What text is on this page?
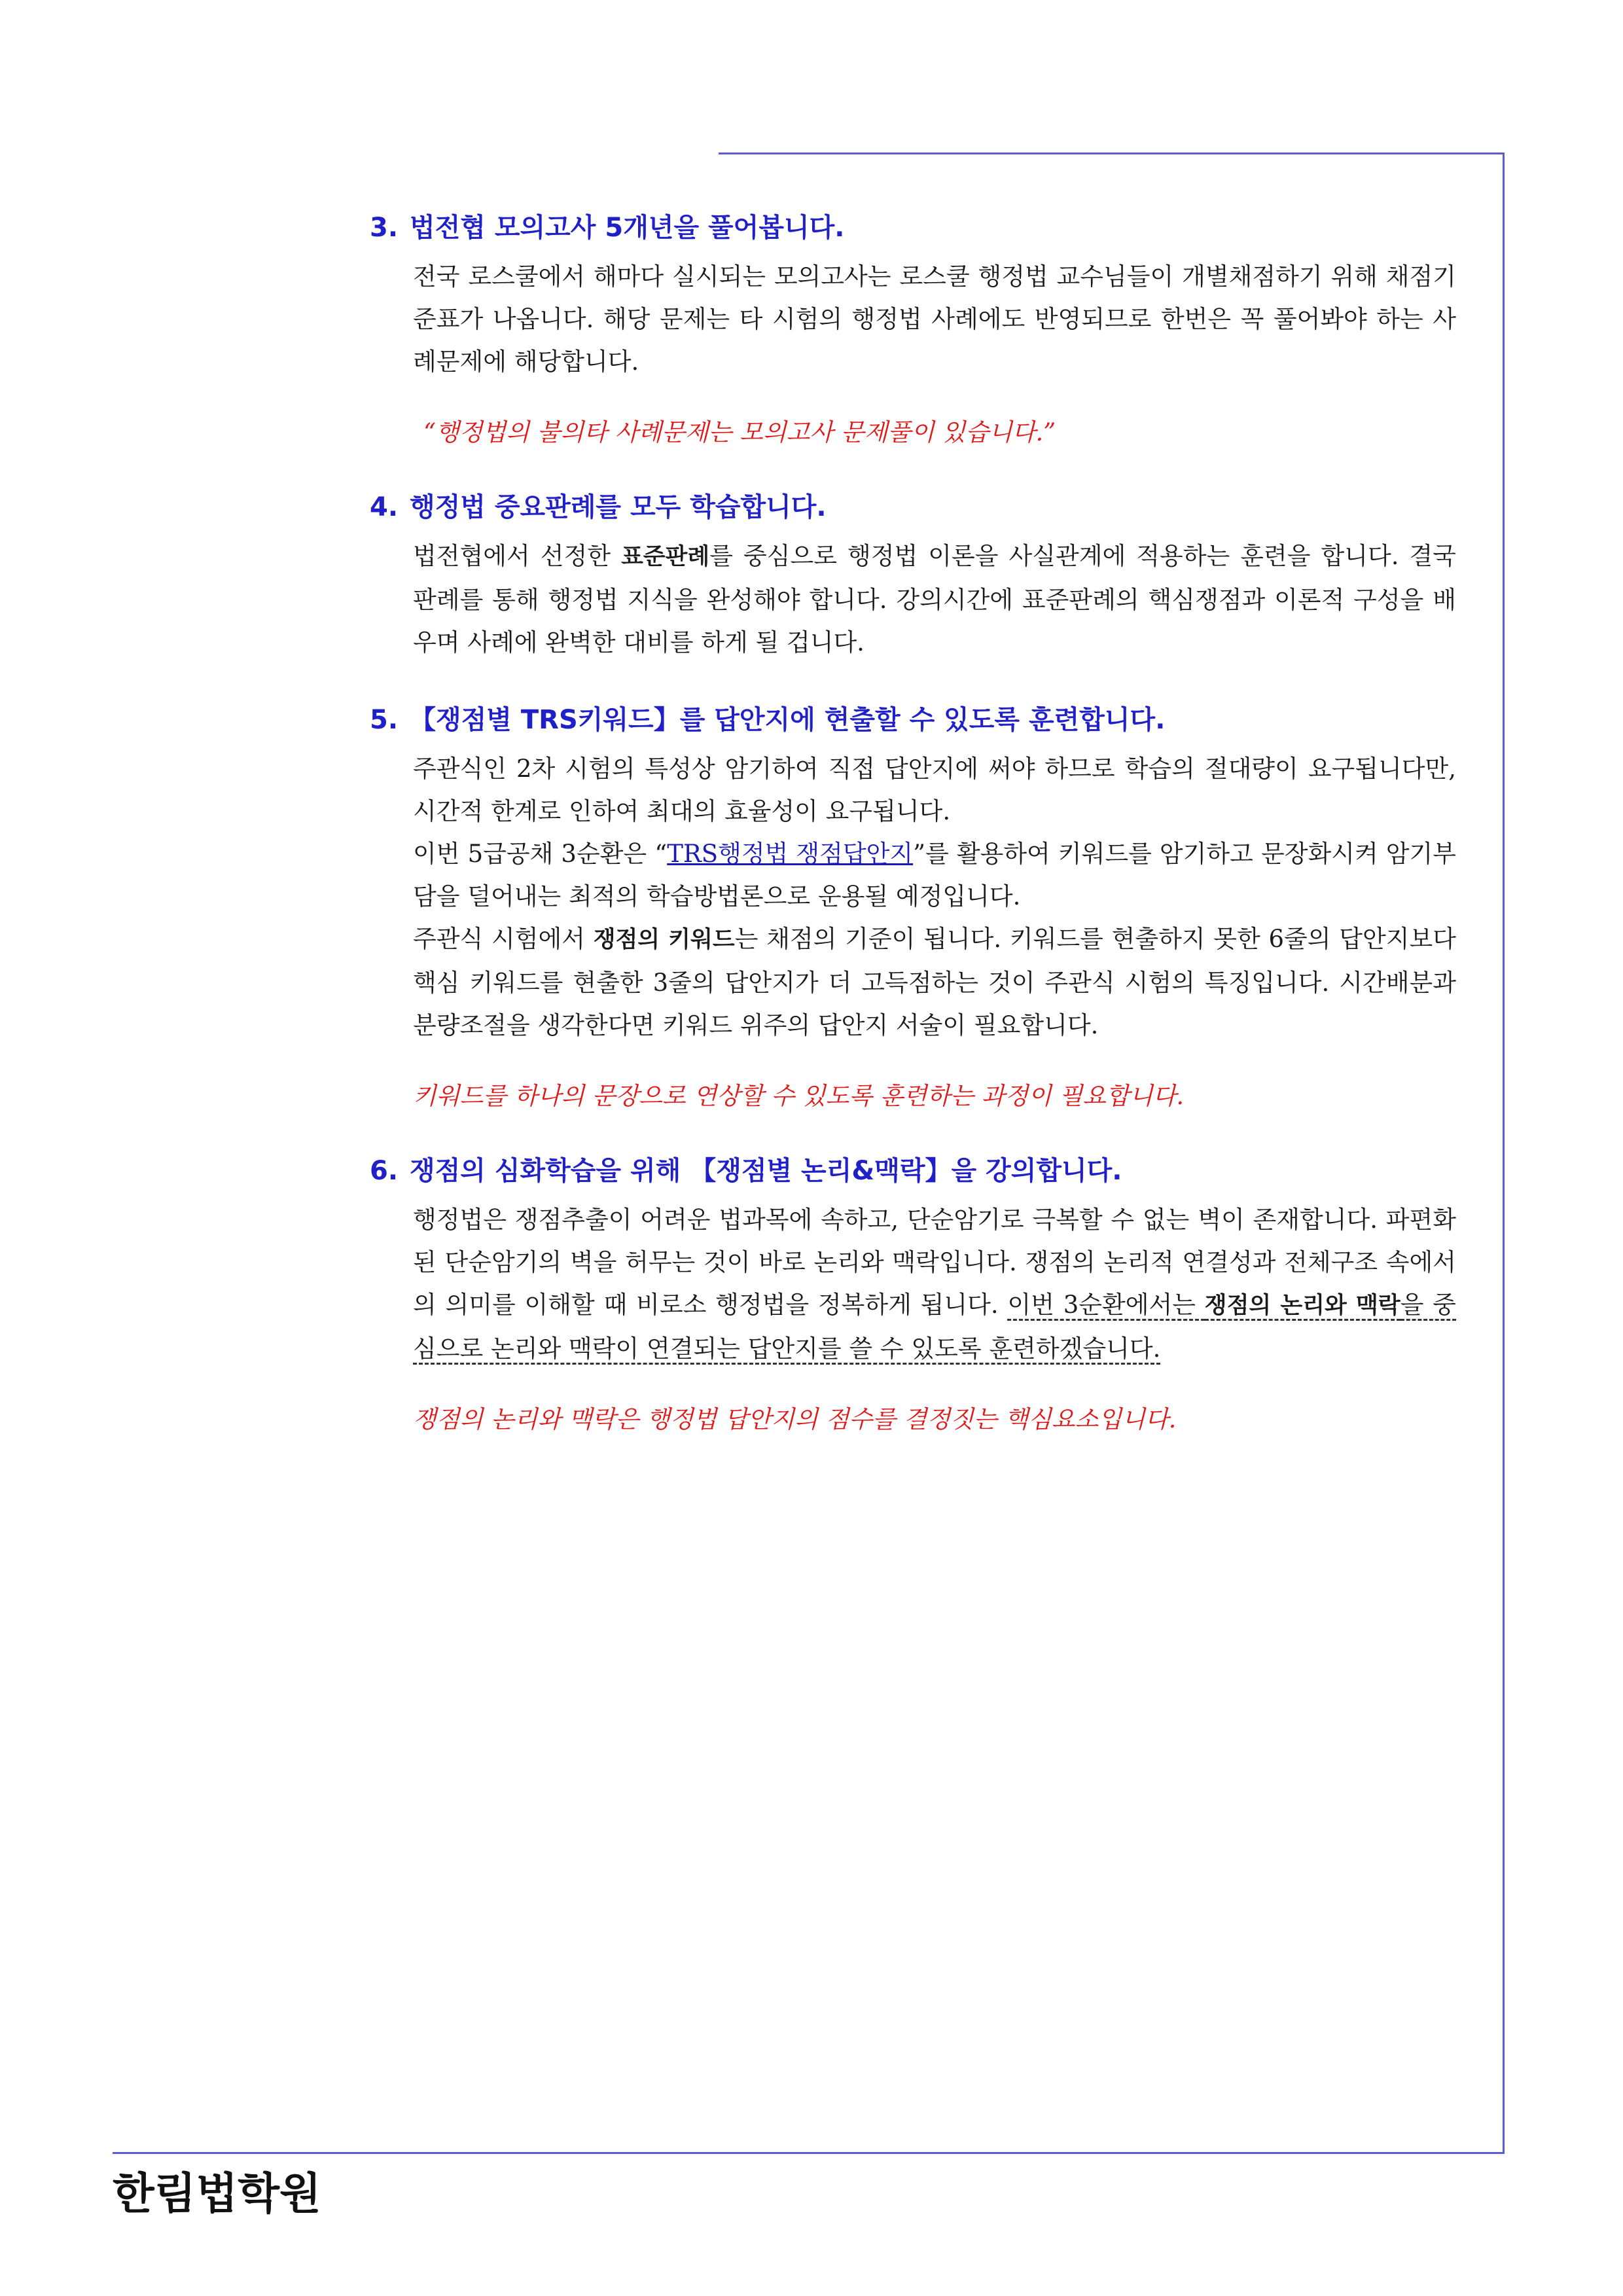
3. 법전협 모의고사 5개년을 풀어봅니다.
전국 로스쿨에서 해마다 실시되는 모의고사는 로스쿨 행정법 교수님들이 개별채점하기 위해 채점기준표가 나옵니다. 해당 문제는 타 시험의 행정법 사례에도 반영되므로 한번은 꼭 풀어봐야 하는 사례문제에 해당합니다.
“행정법의 불의타 사례문제는 모의고사 문제풀이 있습니다.”
4. 행정법 중요판례를 모두 학습합니다.
법전협에서 선정한 표준판례를 중심으로 행정법 이론을 사실관계에 적용하는 훈련을 합니다. 결국 판례를 통해 행정법 지식을 완성해야 합니다. 강의시간에 표준판례의 핵심쟁점과 이론적 구성을 배우며 사례에 완벽한 대비를 하게 될 겁니다.
5. 【쟁점별 TRS키워드】를 답안지에 현출할 수 있도록 훈련합니다.
주관식인 2차 시험의 특성상 암기하여 직접 답안지에 써야 하므로 학습의 절대량이 요구됩니다만, 시간적 한계로 인하여 최대의 효율성이 요구됩니다.
이번 5급공채 3순환은 “TRS행정법 쟁점답안지”를 활용하여 키워드를 암기하고 문장화시켜 암기부담을 덜어내는 최적의 학습방법론으로 운용될 예정입니다.
주관식 시험에서 쟁점의 키워드는 채점의 기준이 됩니다. 키워드를 현출하지 못한 6줄의 답안지보다 핵심 키워드를 현출한 3줄의 답안지가 더 고득점하는 것이 주관식 시험의 특징입니다. 시간배분과 분량조절을 생각한다면 키워드 위주의 답안지 서술이 필요합니다.
키워드를 하나의 문장으로 연상할 수 있도록 훈련하는 과정이 필요합니다.
6. 쟁점의 심화학습을 위해 【쟁점별 논리&맥락】을 강의합니다.
행정법은 쟁점추출이 어려운 법과목에 속하고, 단순암기로 극복할 수 없는 벽이 존재합니다. 파편화된 단순암기의 벽을 허무는 것이 바로 논리와 맥락입니다. 쟁점의 논리적 연결성과 전체구조 속에서의 의미를 이해할 때 비로소 행정법을 정복하게 됩니다. 이번 3순환에서는 쟁점의 논리와 맥락을 중심으로 논리와 맥락이 연결되는 답안지를 쓸 수 있도록 훈련하겠습니다.
쟁점의 논리와 맥락은 행정법 답안지의 점수를 결정짓는 핵심요소입니다.
한림법학원
